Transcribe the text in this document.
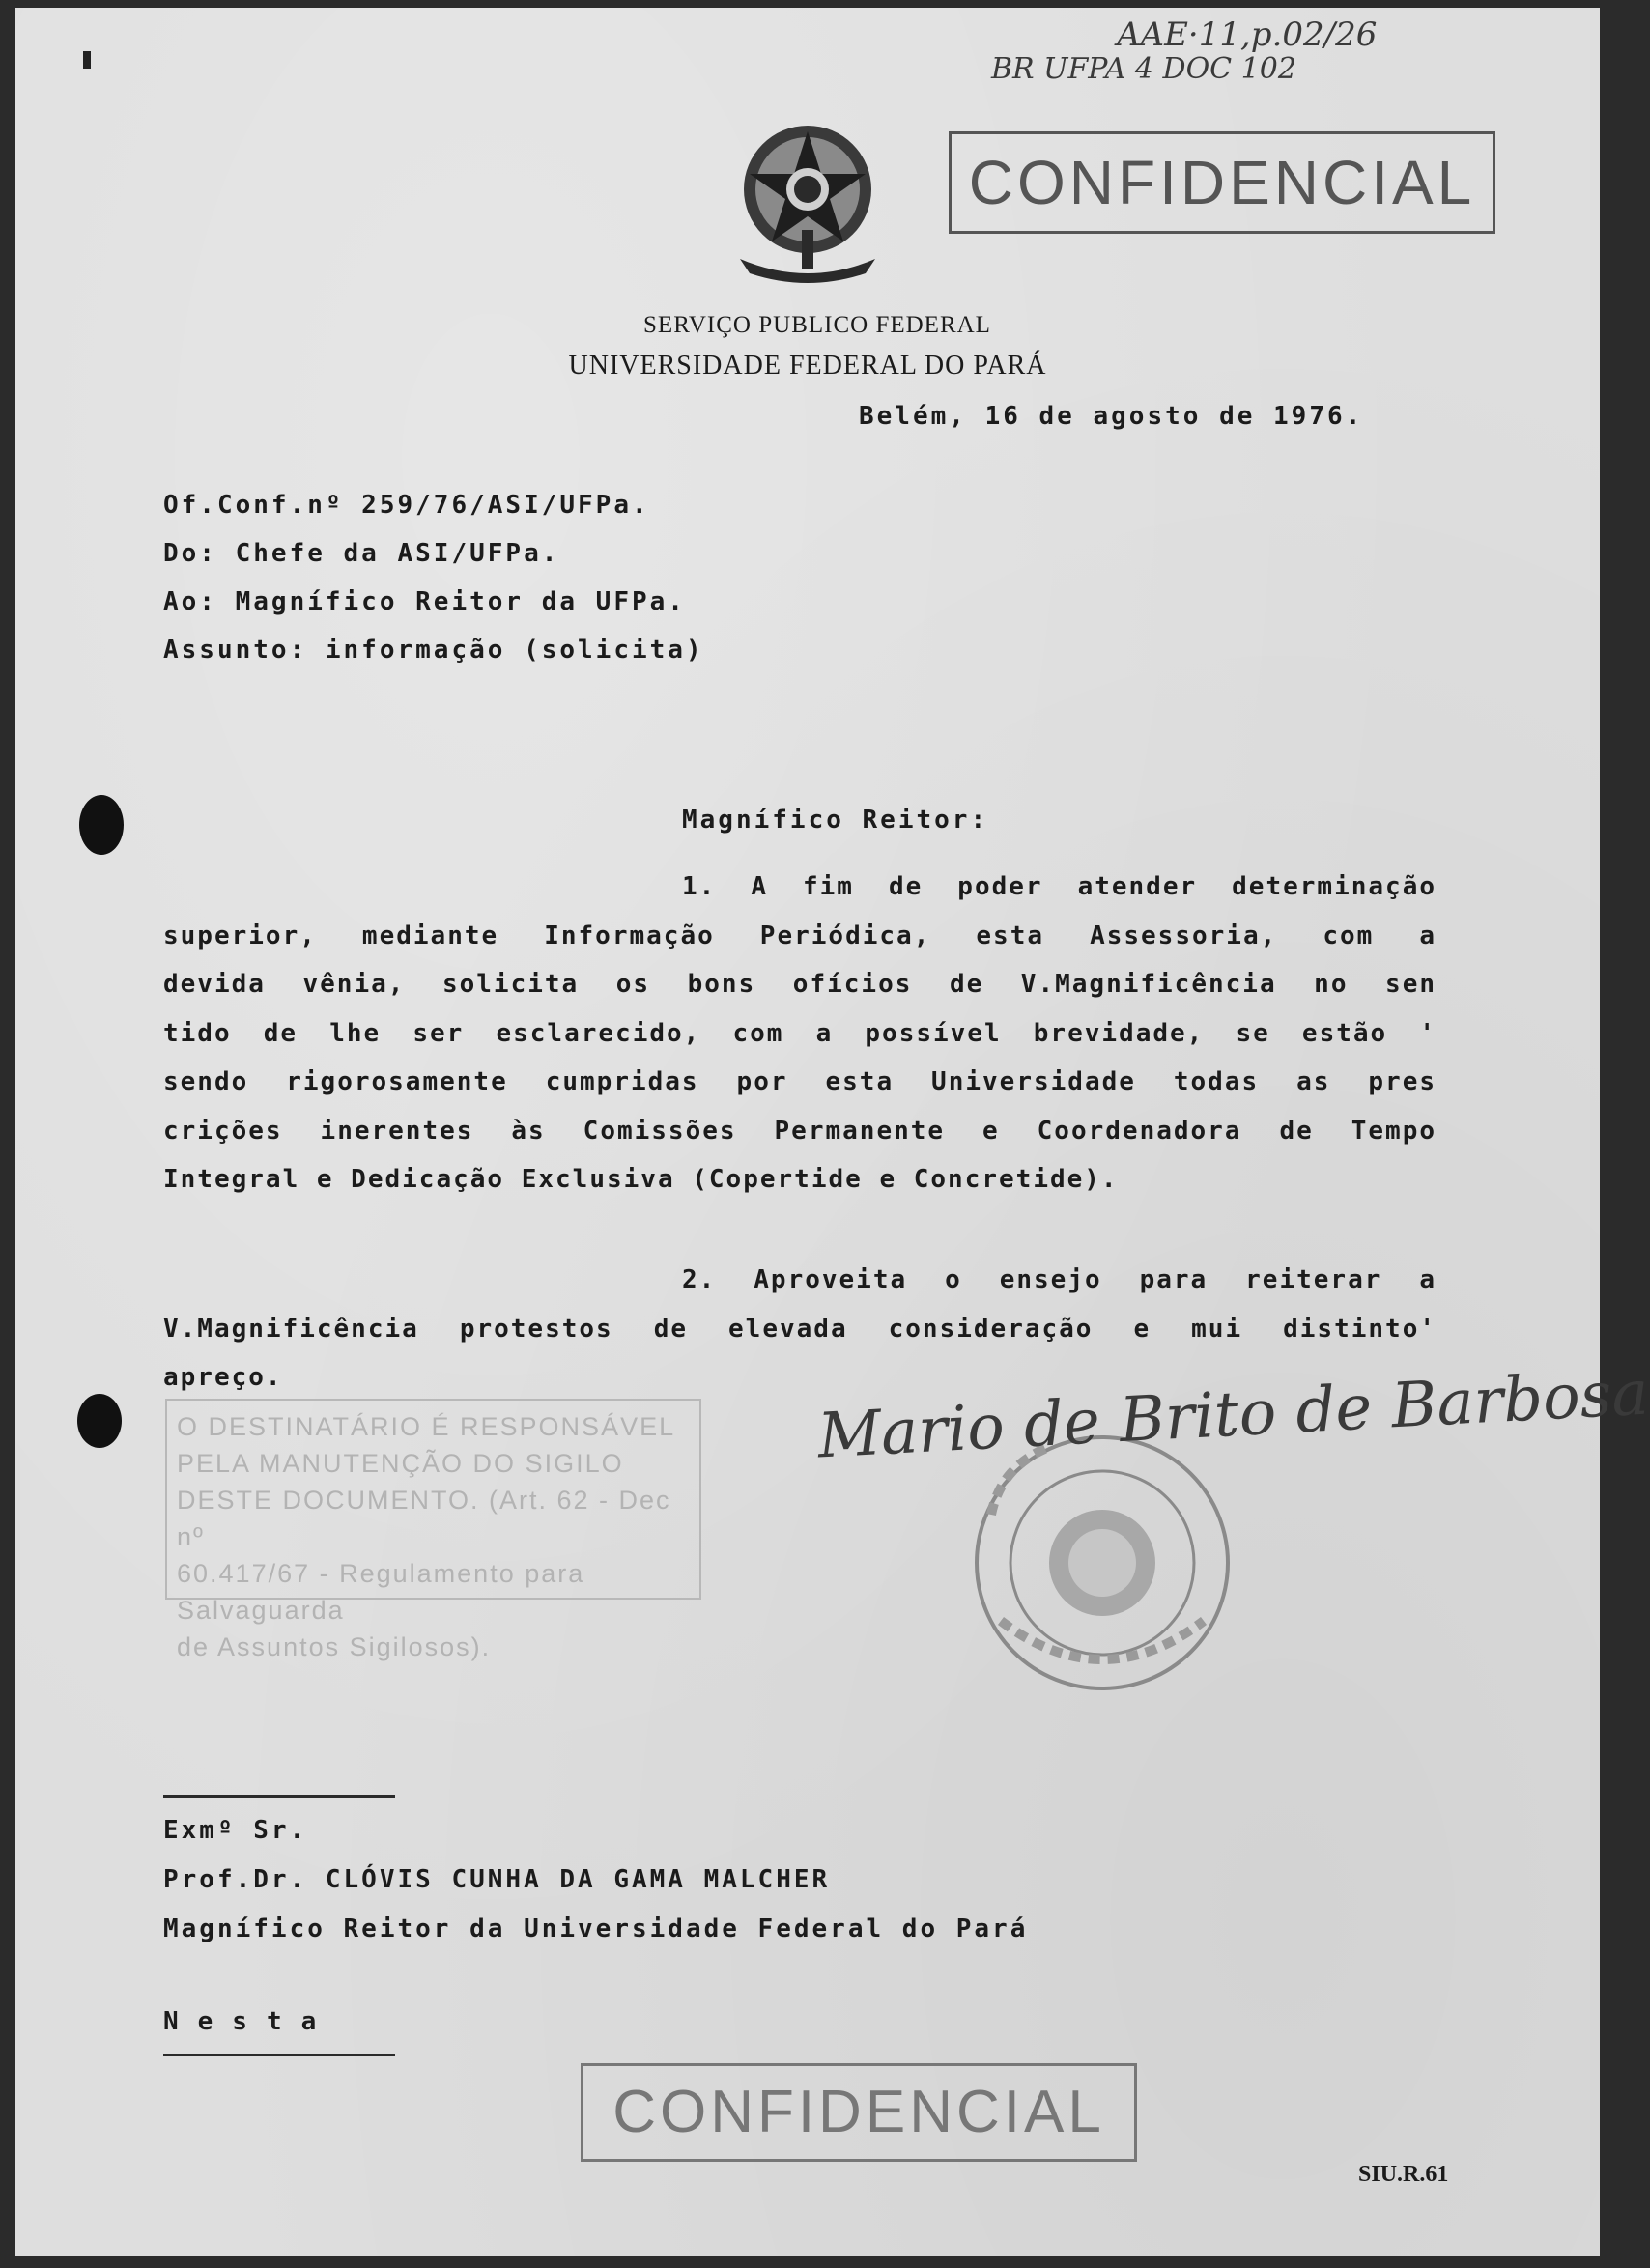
AAE·11,p.02/26
BR UFPA 4 DOC 102
CONFIDENCIAL
SERVIÇO PUBLICO FEDERAL
UNIVERSIDADE FEDERAL DO PARÁ
Belém, 16 de agosto de 1976.
Of.Conf.nº 259/76/ASI/UFPa.
Do: Chefe da ASI/UFPa.
Ao: Magnífico Reitor da UFPa.
Assunto: informação (solicita)
Magnífico Reitor:
1. A fim de poder atender determinação
superior, mediante Informação Periódica, esta Assessoria, com a
devida vênia, solicita os bons ofícios de V.Magnificência no sen
tido de lhe ser esclarecido, com a possível brevidade, se estão '
sendo rigorosamente cumpridas por esta Universidade todas as pres
crições inerentes às Comissões Permanente e Coordenadora de Tempo
Integral e Dedicação Exclusiva (Copertide e Concretide).
2. Aproveita o ensejo para reiterar a
V.Magnificência protestos de elevada consideração e mui distinto'
apreço.
O DESTINATÁRIO É RESPONSÁVEL
PELA MANUTENÇÃO DO SIGILO
DESTE DOCUMENTO. (Art. 62 - Dec nº
60.417/67 - Regulamento para Salvaguarda
de Assuntos Sigilosos).
Mario de Brito de Barbosa
Exmº Sr.
Prof.Dr. CLÓVIS CUNHA DA GAMA MALCHER
Magnífico Reitor da Universidade Federal do Pará
Nesta
CONFIDENCIAL
SIU.R.61
